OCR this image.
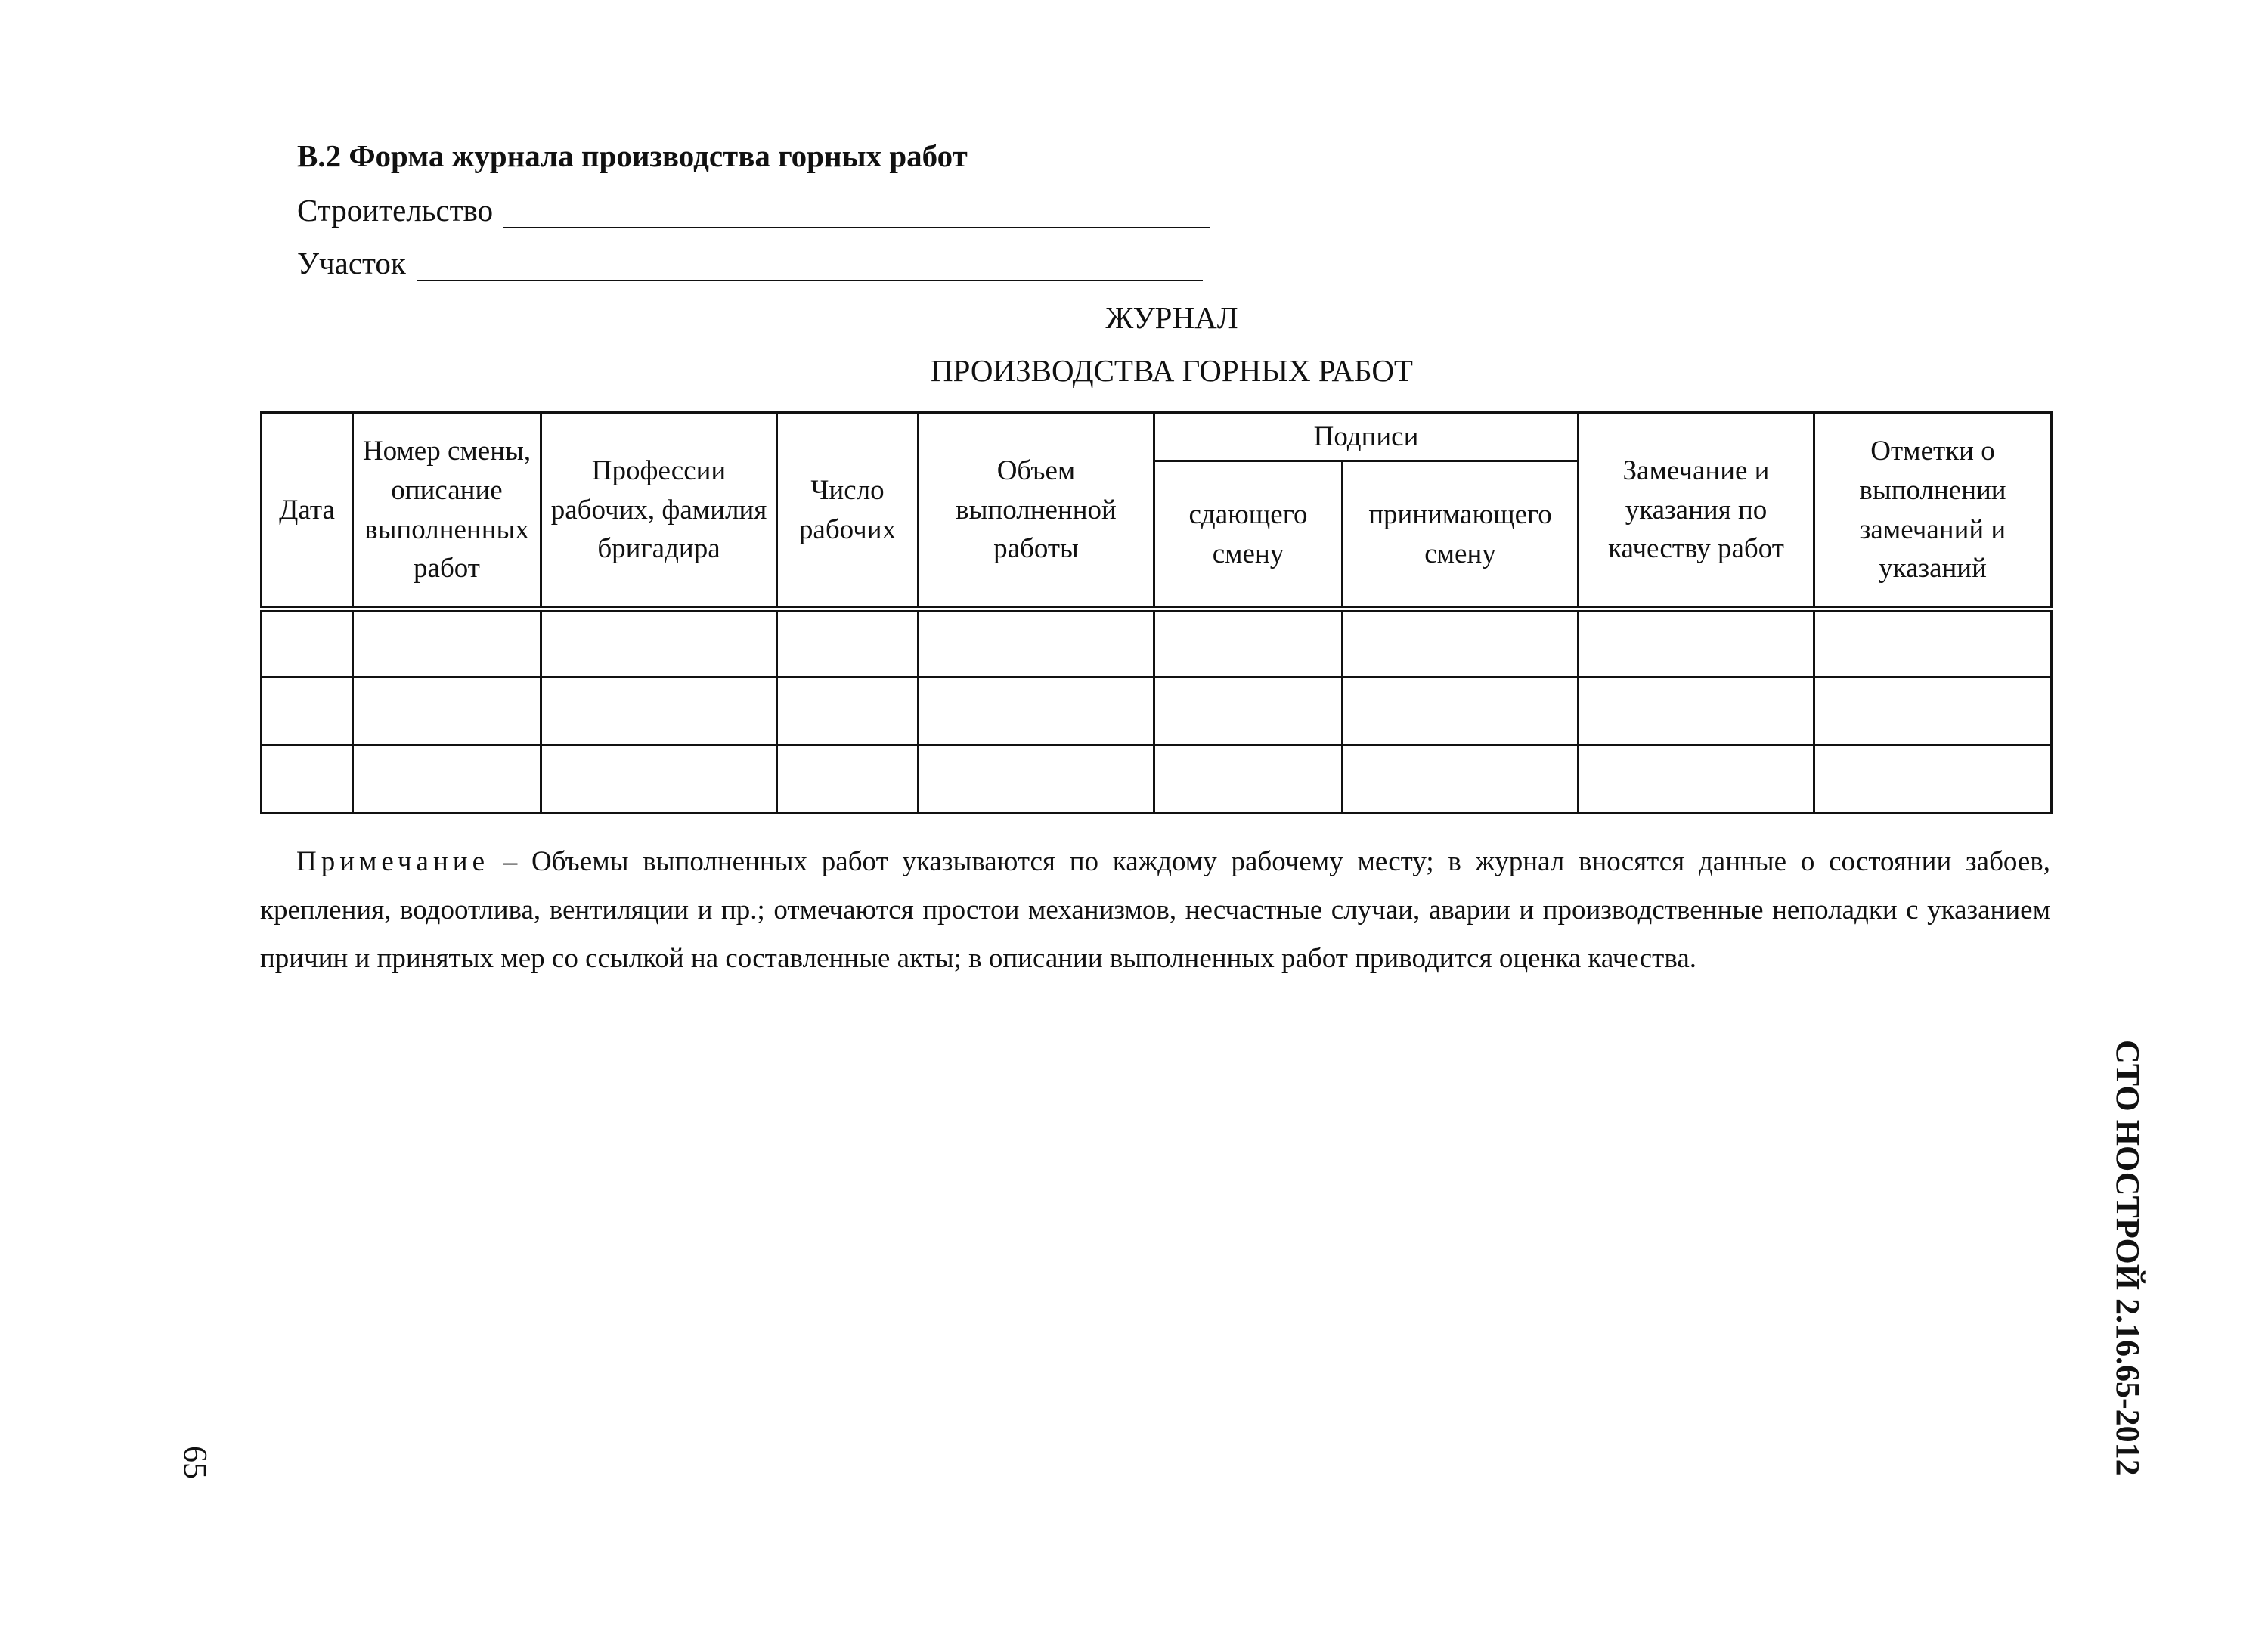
В.2 Форма журнала производства горных работ
Строительство
Участок
ЖУРНАЛ
ПРОИЗВОДСТВА ГОРНЫХ РАБОТ
Дата	Номер смены, описание выполненных работ	Профессии рабочих, фамилия бригадира	Число рабочих	Объем выполненной работы	Подписи		Замечание и указания по качеству работ	Отметки о выполнении замечаний и указаний
					сдающего смену	принимающего смену		

Примечание – Объемы выполненных работ указываются по каждому рабочему месту; в журнал вносятся данные о состоянии забоев, крепления, водоотлива, вентиляции и пр.; отмечаются простои механизмов, несчастные случаи, аварии и производственные неполадки с указанием причин и принятых мер со ссылкой на составленные акты; в описании выполненных работ приводится оценка качества.
СТО НОСТРОЙ 2.16.65-2012
65
